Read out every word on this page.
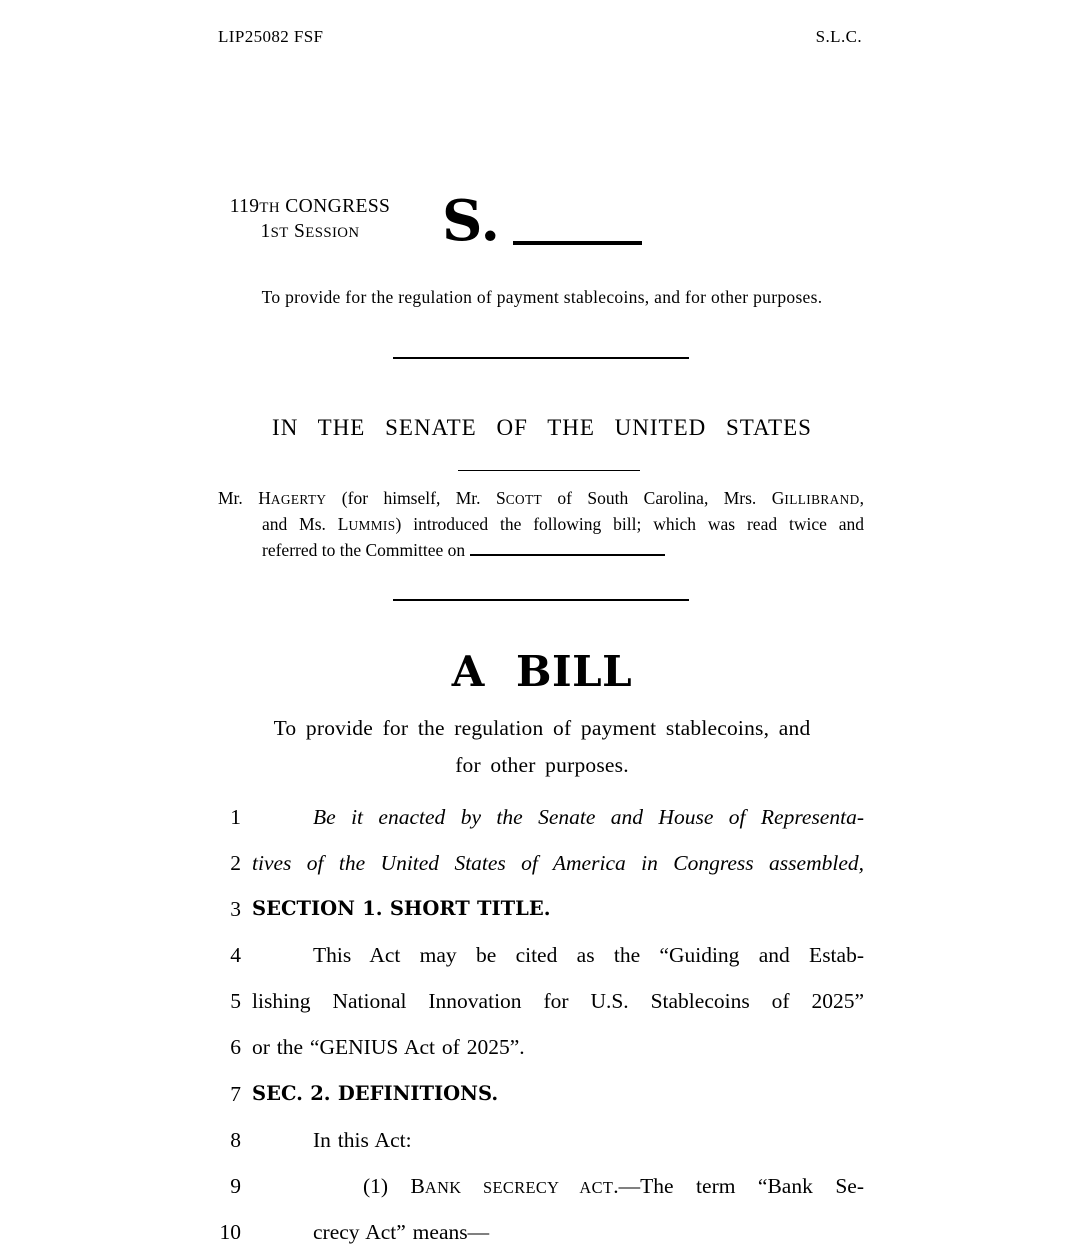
LIP25082 FSF	S.L.C.
119TH CONGRESS
1ST SESSION	S.
To provide for the regulation of payment stablecoins, and for other purposes.
IN THE SENATE OF THE UNITED STATES
Mr. HAGERTY (for himself, Mr. SCOTT of South Carolina, Mrs. GILLIBRAND,
and Ms. LUMMIS) introduced the following bill; which was read twice and
referred to the Committee on
A BILL
To provide for the regulation of payment stablecoins, and
for other purposes.
1	Be it enacted by the Senate and House of Representa-
2 tives of the United States of America in Congress assembled,
3 SECTION 1. SHORT TITLE.
4	This Act may be cited as the “Guiding and Estab-
5 lishing National Innovation for U.S. Stablecoins of 2025”
6 or the “GENIUS Act of 2025”.
7 SEC. 2. DEFINITIONS.
8	In this Act:
9	(1) BANK SECRECY ACT.—The term “Bank Se-
10	crecy Act” means—
